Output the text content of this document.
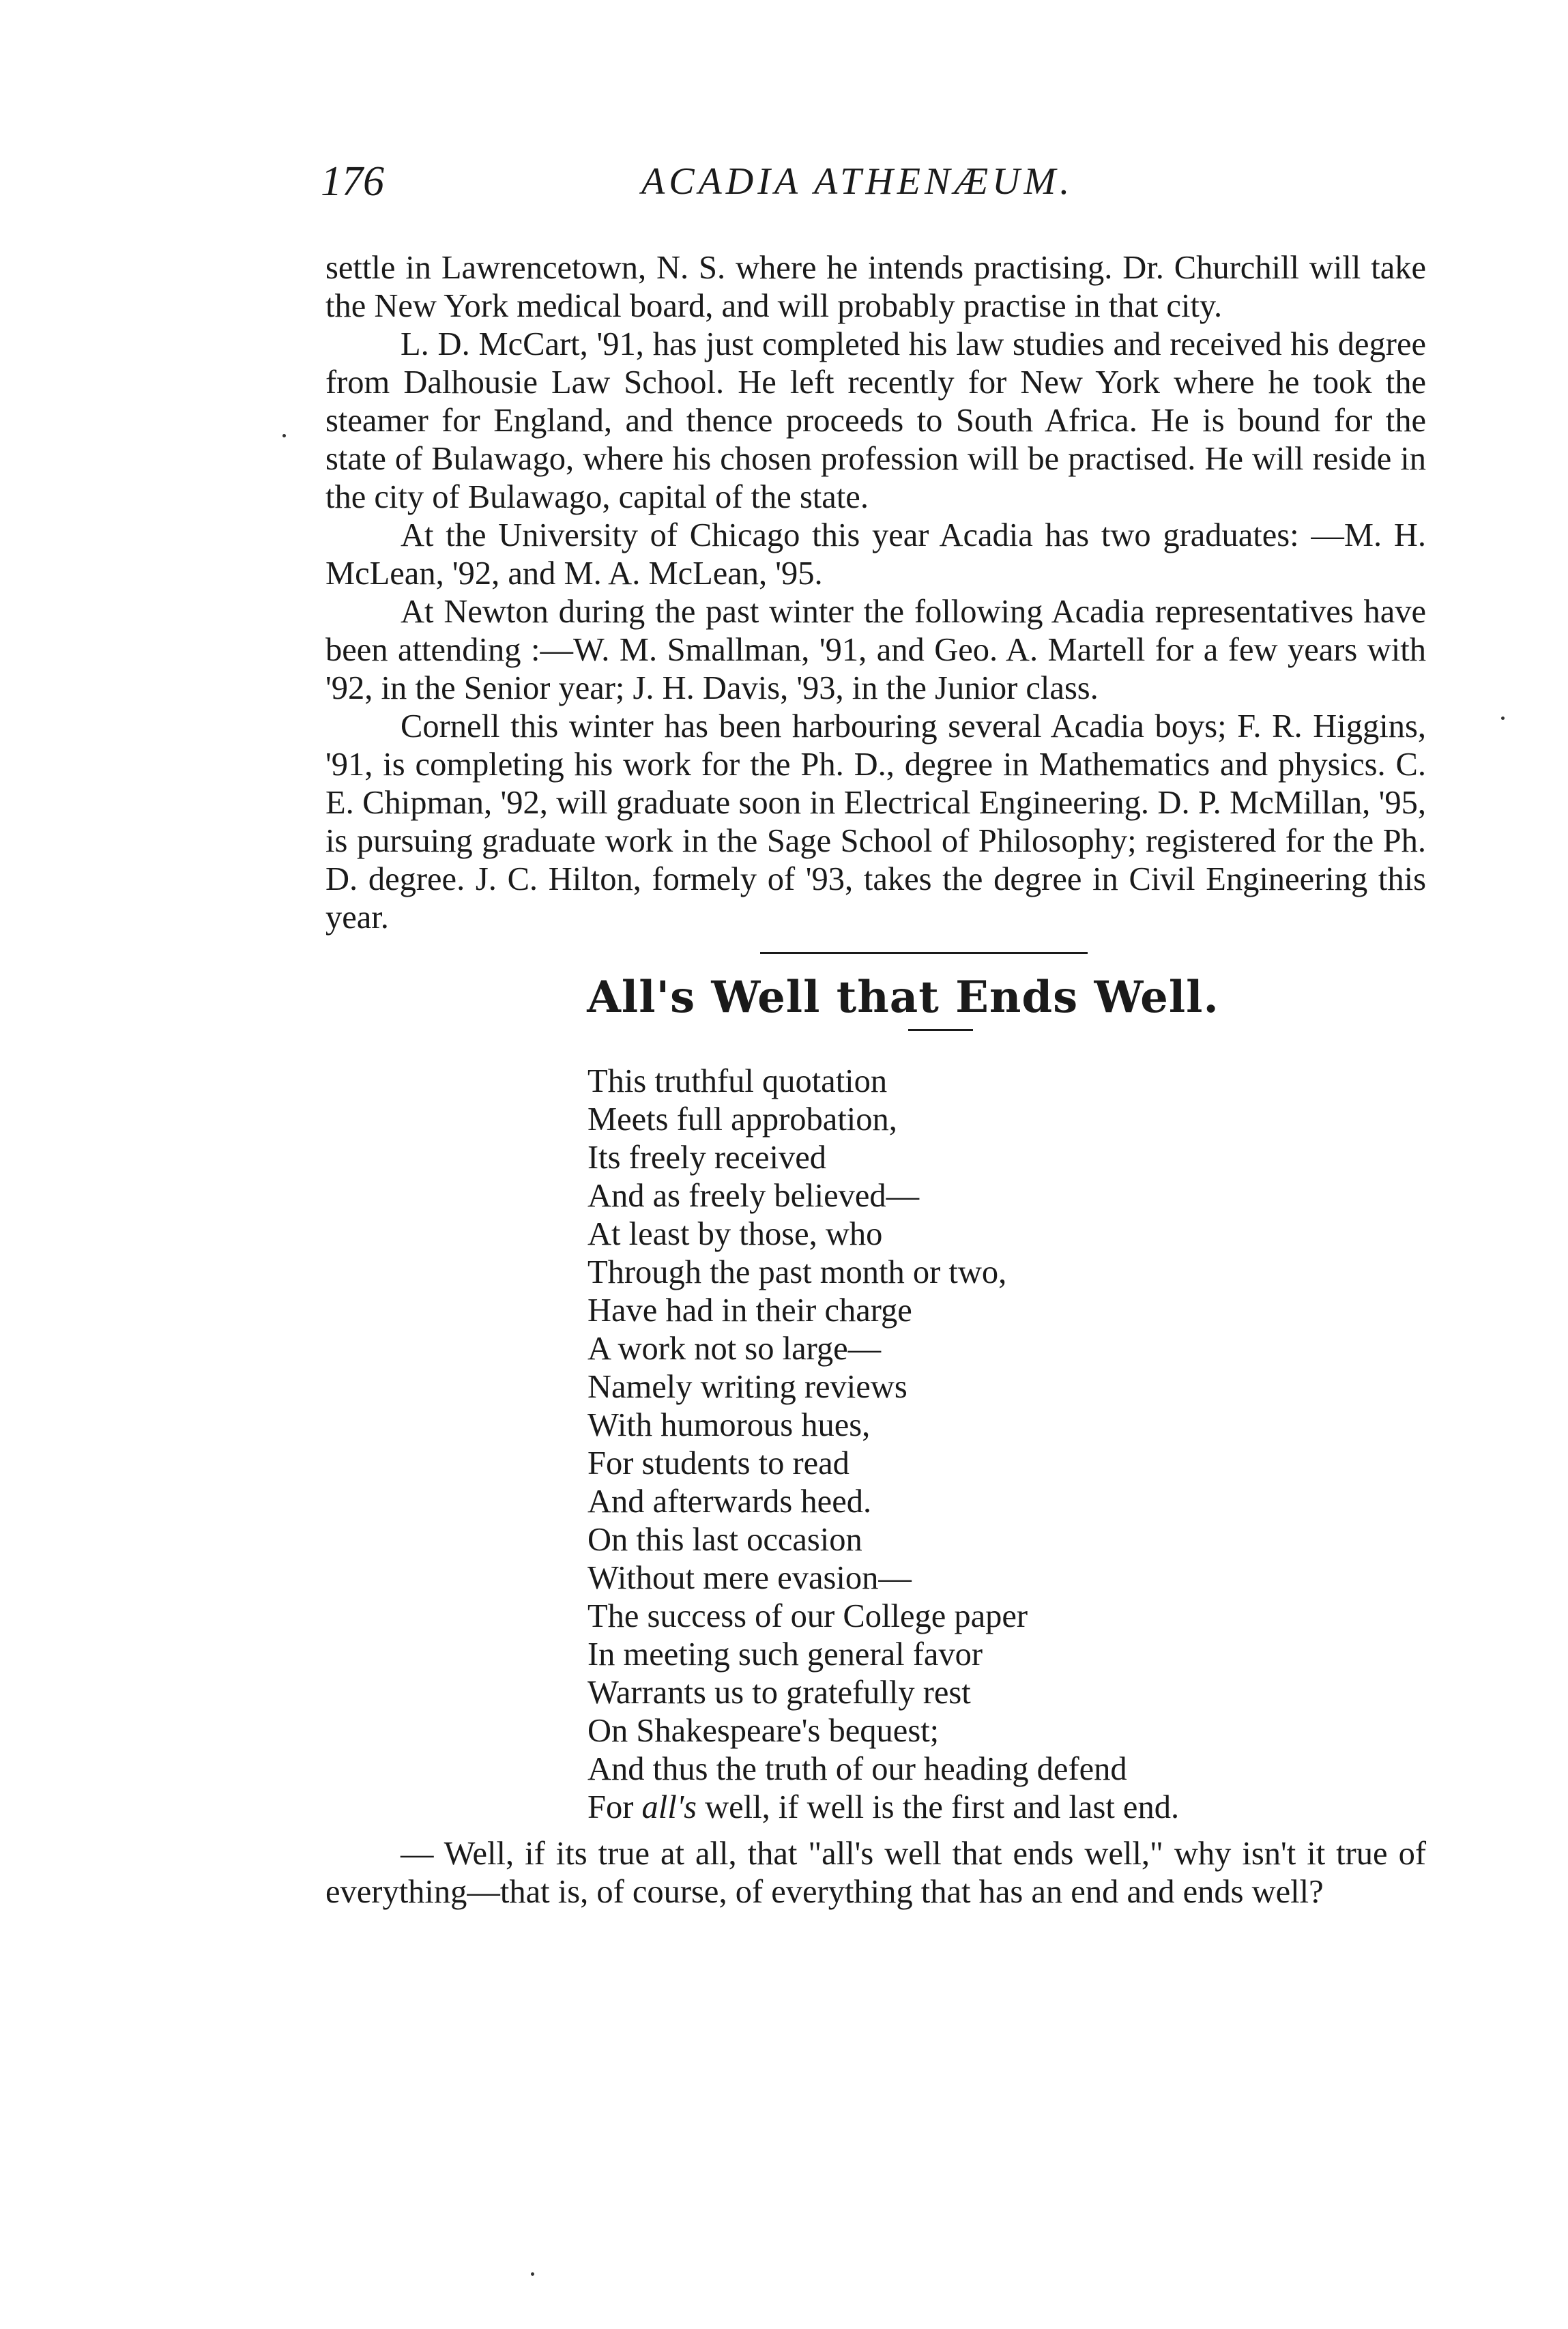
176	ACADIA ATHENÆUM.

settle in Lawrencetown, N. S. where he intends practising. Dr. Churchill will take the New York medical board, and will probably practise in that city.

L. D. McCart, '91, has just completed his law studies and received his degree from Dalhousie Law School. He left recently for New York where he took the steamer for England, and thence proceeds to South Africa. He is bound for the state of Bulawago, where his chosen profession will be practised. He will reside in the city of Bulawago, capital of the state.

At the University of Chicago this year Acadia has two graduates: —M. H. McLean, '92, and M. A. McLean, '95.

At Newton during the past winter the following Acadia representatives have been attending :—W. M. Smallman, '91, and Geo. A. Martell for a few years with '92, in the Senior year; J. H. Davis, '93, in the Junior class.

Cornell this winter has been harbouring several Acadia boys; F. R. Higgins, '91, is completing his work for the Ph. D., degree in Mathematics and physics. C. E. Chipman, '92, will graduate soon in Electrical Engineering. D. P. McMillan, '95, is pursuing graduate work in the Sage School of Philosophy; registered for the Ph. D. degree. J. C. Hilton, formely of '93, takes the degree in Civil Engineering this year.

All's Well that Ends Well.
This truthful quotation
Meets full approbation,
Its freely received
And as freely believed—
At least by those, who
Through the past month or two,
Have had in their charge
A work not so large—
Namely writing reviews
With humorous hues,
For students to read
And afterwards heed.
On this last occasion
Without mere evasion—
The success of our College paper
In meeting such general favor
Warrants us to gratefully rest
On Shakespeare's bequest;
And thus the truth of our heading defend
For all's well, if well is the first and last end.

— Well, if its true at all, that "all's well that ends well," why isn't it true of everything—that is, of course, of everything that has an end and ends well?
